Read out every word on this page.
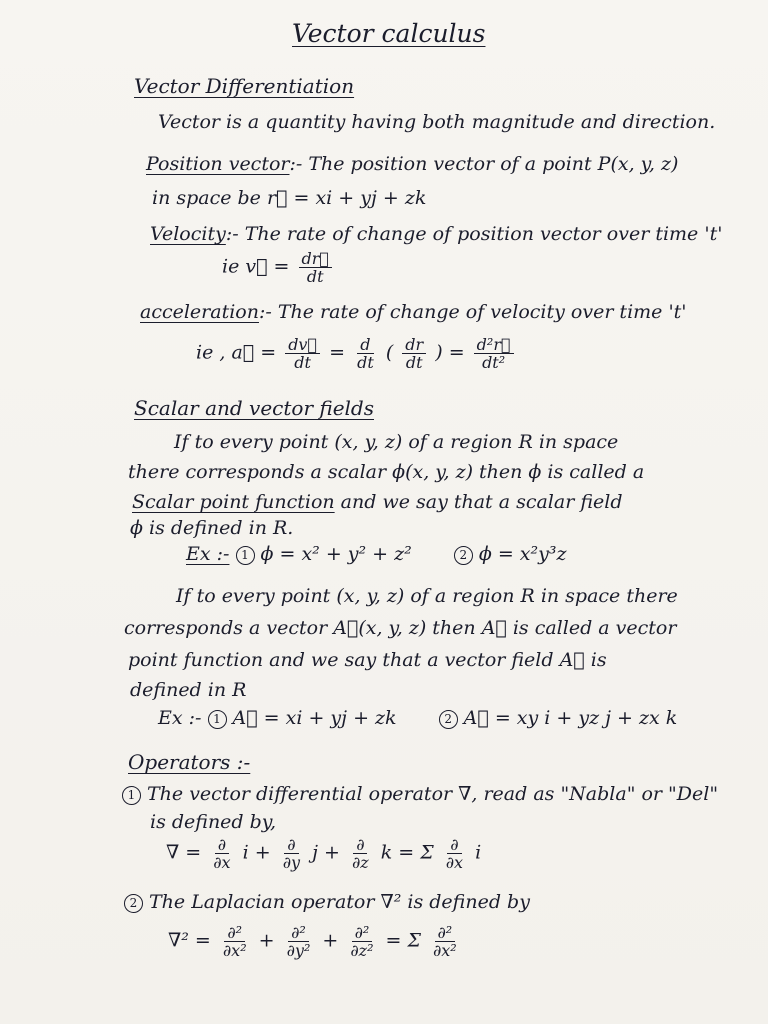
Vector calculus
Vector Differentiation
Vector is a quantity having both magnitude and direction.
Position vector:- The position vector of a point P(x, y, z)
in space be r⃗ = xi + yj + zk
Velocity:- The rate of change of position vector over time 't'
ie v⃗ = $\frac{dr⃗}{dt}$
acceleration:- The rate of change of velocity over time 't'
ie , a⃗ = $\frac{dv⃗}{dt} = \frac{d}{dt}$ ( $\frac{dr}{dt}$ ) = $\frac{\text{d²r⃗}}{\text{dt²}}$
Scalar and vector fields
If to every point (x, y, z) of a region R in space
there corresponds a scalar ϕ(x, y, z) then ϕ is called a
Scalar point function and we say that a scalar field
ϕ is defined in R.
Ex :- 1 ϕ = x² + y² + z²	2 ϕ = x²y³z
If to every point (x, y, z) of a region R in space there
corresponds a vector A⃗(x, y, z) then A⃗ is called a vector
point function and we say that a vector field A⃗ is
defined in R
Ex :- 1 A⃗ = xi + yj + zk	2 A⃗ = xy i + yz j + zx k
Operators :-
1 The vector differential operator ∇, read as "Nabla" or "Del"
is defined by,
∇ = $\frac{\partial}{\partial x}$ $i + \frac{\partial}{\partial y}$ $j + \frac{\partial}{\partial z}$ k = Σ $\frac{\partial}{\partial x}$ i
2 The Laplacian operator ∇² is defined by
$\nabla^2 = \frac{\text{∂²}}{\text{∂x²}} + \frac{\text{∂²}}{\text{∂y²}} + \frac{\text{∂²}}{\text{∂z²}} = \Sigma \frac{\text{∂²}}{\text{∂x²}}$
